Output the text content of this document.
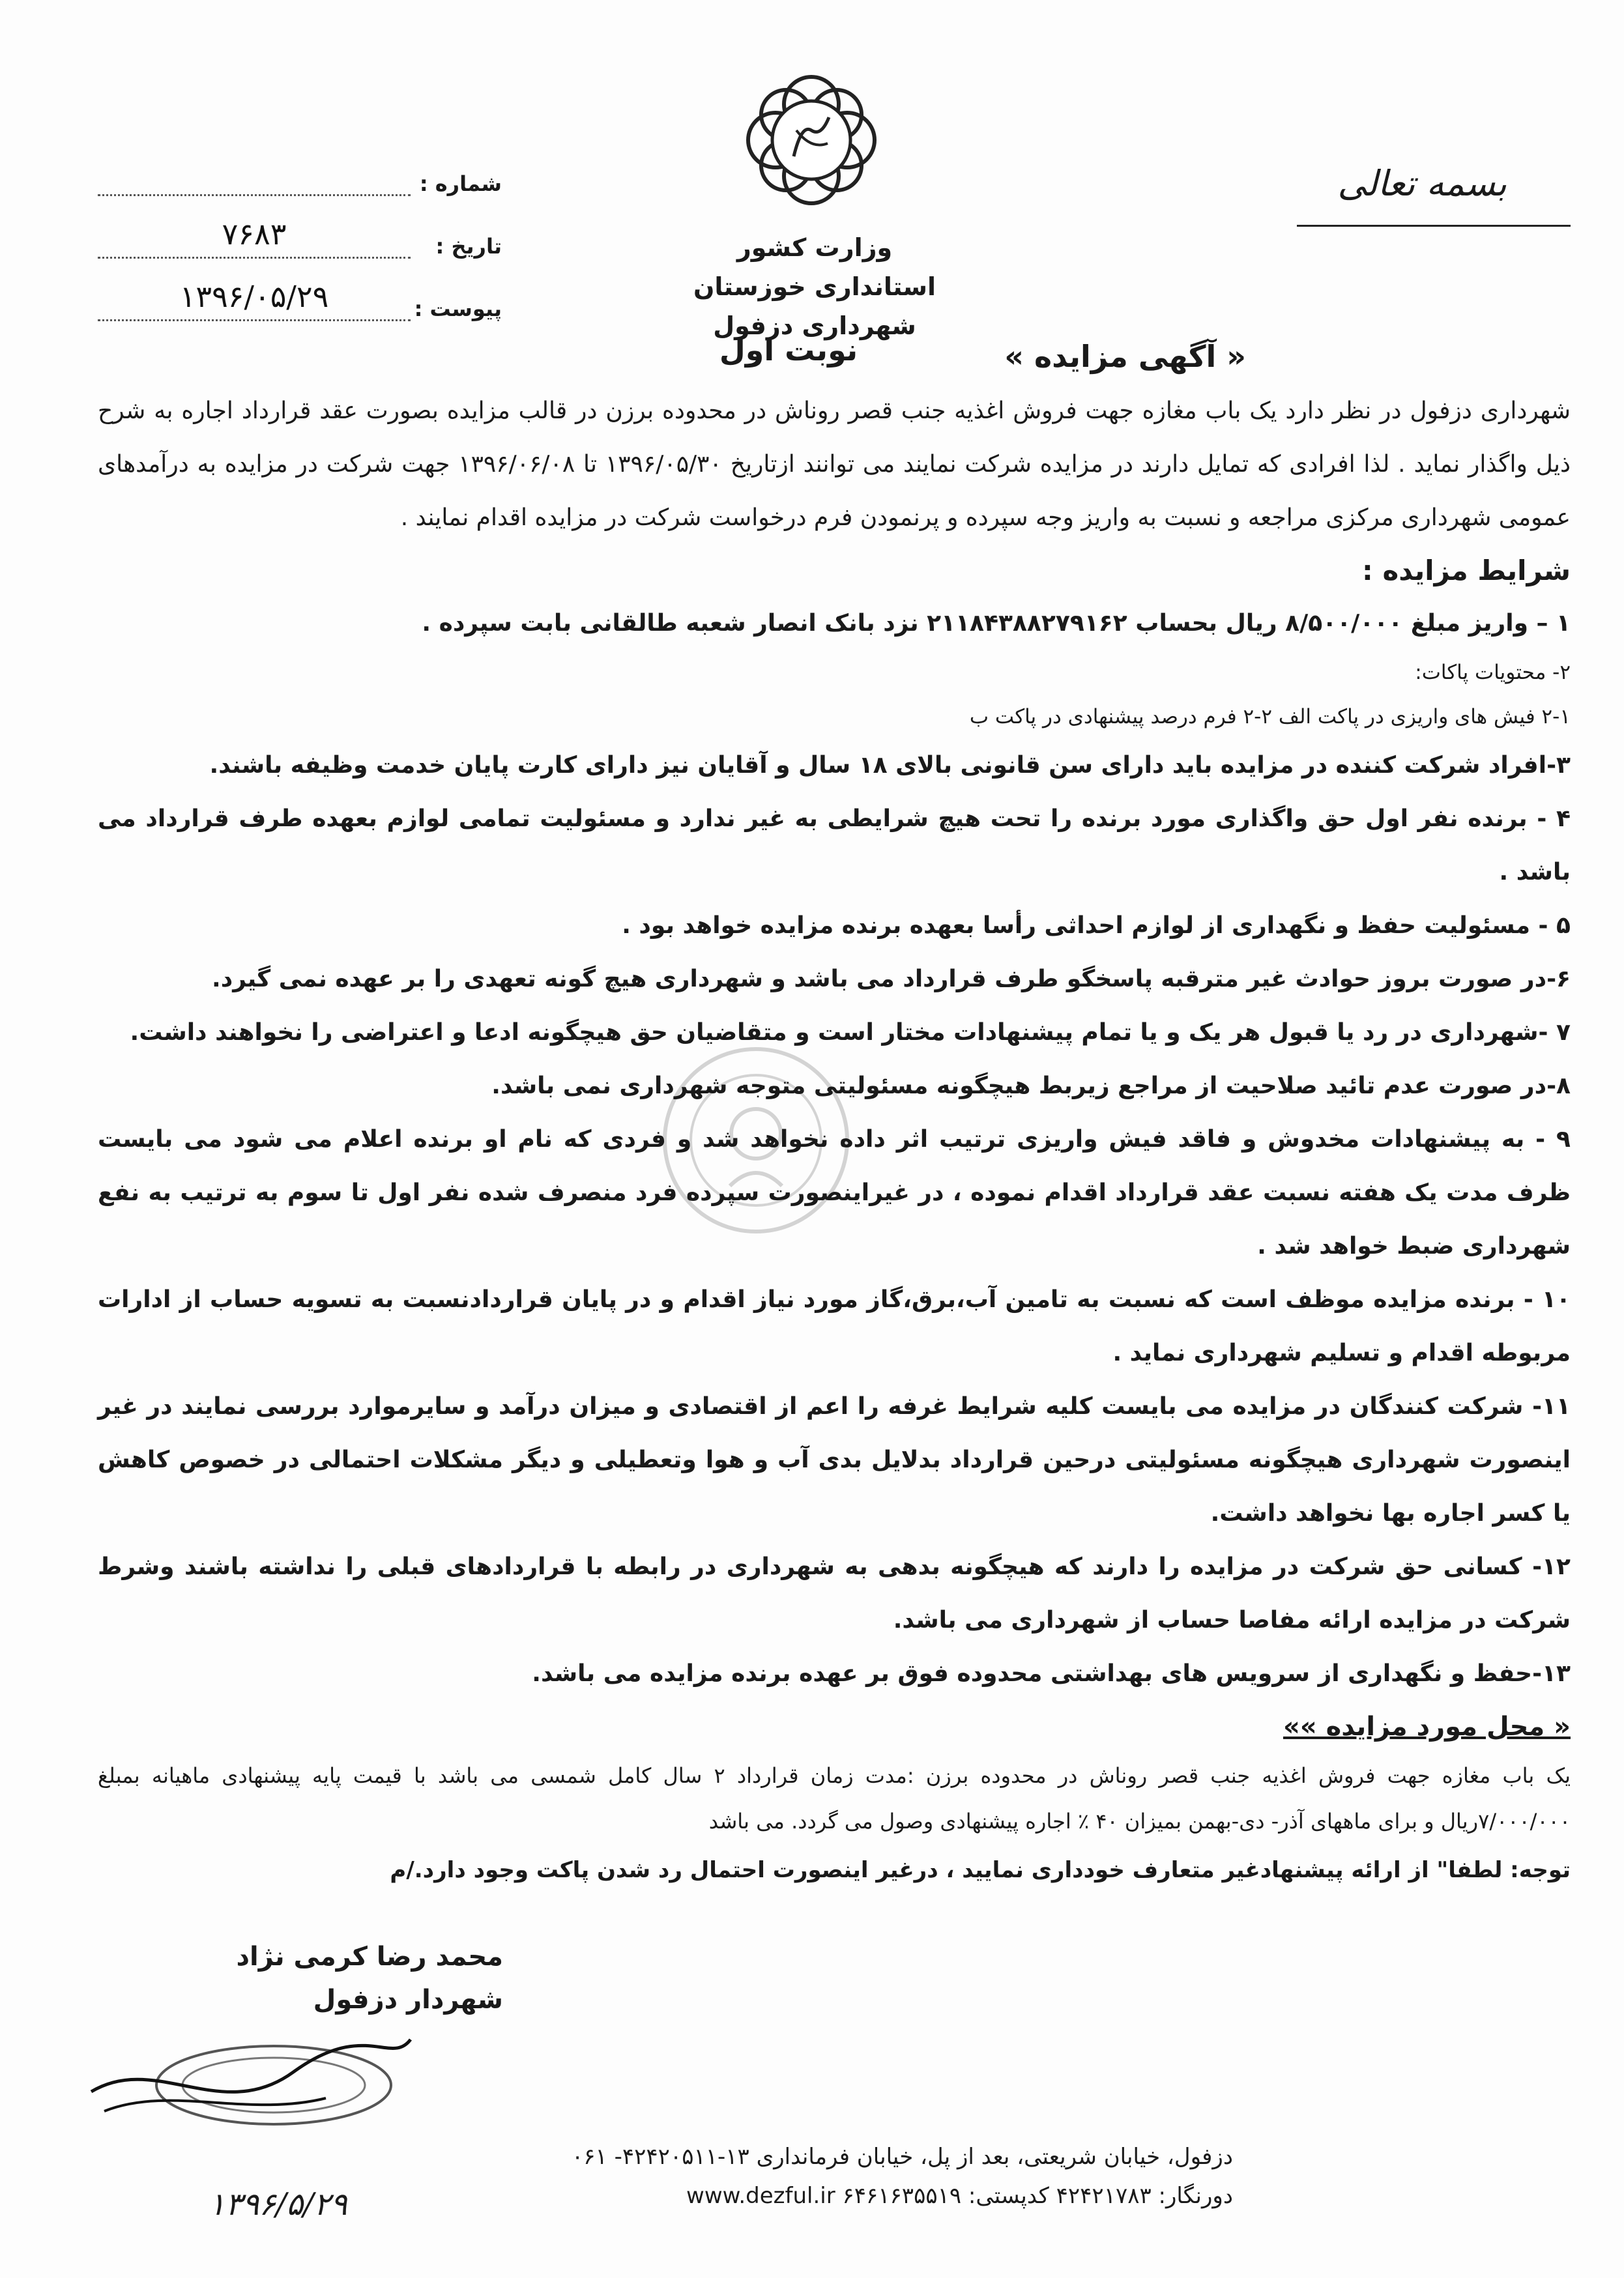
وزارت کشور
استانداری خوزستان
شهرداری دزفول
نوبت اول
بسمه تعالی
شماره :
تاریخ :
۷۶۸۳
پیوست :
۱۳۹۶/۰۵/۲۹
« آگهی مزایده »

شهرداری دزفول در نظر دارد یک باب مغازه جهت فروش اغذیه جنب قصر روناش در محدوده برزن در قالب مزایده بصورت عقد قرارداد اجاره به شرح ذیل واگذار نماید . لذا افرادی که تمایل دارند در مزایده شرکت نمایند می توانند ازتاریخ ۱۳۹۶/۰۵/۳۰ تا ۱۳۹۶/۰۶/۰۸ جهت شرکت در مزایده به درآمدهای عمومی شهرداری مرکزی مراجعه و نسبت به واریز وجه سپرده و پرنمودن فرم درخواست شرکت در مزایده اقدام نمایند .

شرایط مزایده :

۱ – واریز مبلغ ۸/۵۰۰/۰۰۰ ریال بحساب ۲۱۱۸۴۳۸۸۲۷۹۱۶۲ نزد بانک انصار شعبه طالقانی بابت سپرده .

۲- محتویات پاکات:

۲-۱ فیش های واریزی در پاکت الف ۲-۲ فرم درصد پیشنهادی در پاکت ب

۳-افراد شرکت کننده در مزایده باید دارای سن قانونی بالای ۱۸ سال و آقایان نیز دارای کارت پایان خدمت وظیفه باشند.

۴ - برنده نفر اول حق واگذاری مورد برنده را تحت هیچ شرایطی به غیر ندارد و مسئولیت تمامی لوازم بعهده طرف قرارداد می باشد .

۵ - مسئولیت حفظ و نگهداری از لوازم احداثی رأسا بعهده برنده مزایده خواهد بود .

۶-در صورت بروز حوادث غیر مترقبه پاسخگو طرف قرارداد می باشد و شهرداری هیچ گونه تعهدی را بر عهده نمی گیرد.

۷ -شهرداری در رد یا قبول هر یک و یا تمام پیشنهادات مختار است و متقاضیان حق هیچگونه ادعا و اعتراضی را نخواهند داشت.

۸-در صورت عدم تائید صلاحیت از مراجع زیربط هیچگونه مسئولیتی متوجه شهرداری نمی باشد.

۹ - به پیشنهادات مخدوش و فاقد فیش واریزی ترتیب اثر داده نخواهد شد و فردی که نام او برنده اعلام می شود می بایست ظرف مدت یک هفته نسبت عقد قرارداد اقدام نموده ، در غیراینصورت سپرده فرد منصرف شده نفر اول تا سوم به ترتیب به نفع شهرداری ضبط خواهد شد .

۱۰ - برنده مزایده موظف است که نسبت به تامین آب،برق،گاز مورد نیاز اقدام و در پایان قراردادنسبت به تسویه حساب از ادارات مربوطه اقدام و تسلیم شهرداری نماید .

۱۱- شرکت کنندگان در مزایده می بایست کلیه شرایط غرفه را اعم از اقتصادی و میزان درآمد و سایرموارد بررسی نمایند در غیر اینصورت شهرداری هیچگونه مسئولیتی درحین قرارداد بدلایل بدی آب و هوا وتعطیلی و دیگر مشکلات احتمالی در خصوص کاهش یا کسر اجاره بها نخواهد داشت.

۱۲- کسانی حق شرکت در مزایده را دارند که هیچگونه بدهی به شهرداری در رابطه با قراردادهای قبلی را نداشته باشند وشرط شرکت در مزایده ارائه مفاصا حساب از شهرداری می باشد.

۱۳-حفظ و نگهداری از سرویس های بهداشتی محدوده فوق بر عهده برنده مزایده می باشد.

« محل مورد مزایده »»

یک باب مغازه جهت فروش اغذیه جنب قصر روناش در محدوده برزن :مدت زمان قرارداد ۲ سال کامل شمسی می باشد با قیمت پایه پیشنهادی ماهیانه بمبلغ ۷/۰۰۰/۰۰۰ریال و برای ماههای آذر- دی-بهمن بمیزان ۴۰ ٪ اجاره پیشنهادی وصول می گردد. می باشد

توجه: لطفا" از ارائه پیشنهادغیر متعارف خودداری نمایید ، درغیر اینصورت احتمال رد شدن پاکت وجود دارد./م

محمد رضا کرمی نژاد
شهردار دزفول
دزفول، خیابان شریعتی، بعد از پل، خیابان فرمانداری ۱۳-۴۲۴۲۰۵۱۱- ۰۶۱
دورنگار: ۴۲۴۲۱۷۸۳ کدپستی: ۶۴۶۱۶۳۵۵۱۹ www.dezful.ir
۱۳۹۶/۵/۲۹
